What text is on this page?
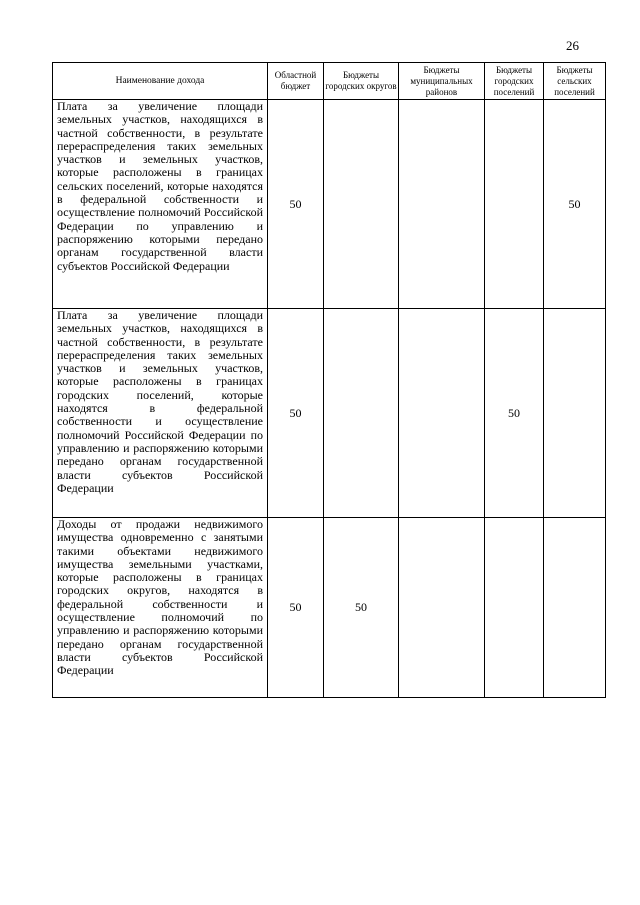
26
Наименование дохода	Областной бюджет	Бюджеты городских округов	Бюджеты муниципальных районов	Бюджеты городских поселений	Бюджеты сельских поселений
Плата за увеличение площади земельных участков, находящихся в частной собственности, в результате перераспределения таких земельных участков и земельных участков, которые расположены в границах сельских поселений, которые находятся в федеральной собственности и осуществление полномочий Российской Федерации по управлению и распоряжению которыми передано органам государственной власти субъектов Российской Федерации	50				50
Плата за увеличение площади земельных участков, находящихся в частной собственности, в результате перераспределения таких земельных участков и земельных участков, которые расположены в границах городских поселений, которые находятся в федеральной собственности и осуществление полномочий Российской Федерации по управлению и распоряжению которыми передано органам государственной власти субъектов Российской Федерации	50			50	
Доходы от продажи недвижимого имущества одновременно с занятыми такими объектами недвижимого имущества земельными участками, которые расположены в границах городских округов, находятся в федеральной собственности и осуществление полномочий по управлению и распоряжению которыми передано органам государственной власти субъектов Российской Федерации	50	50			
